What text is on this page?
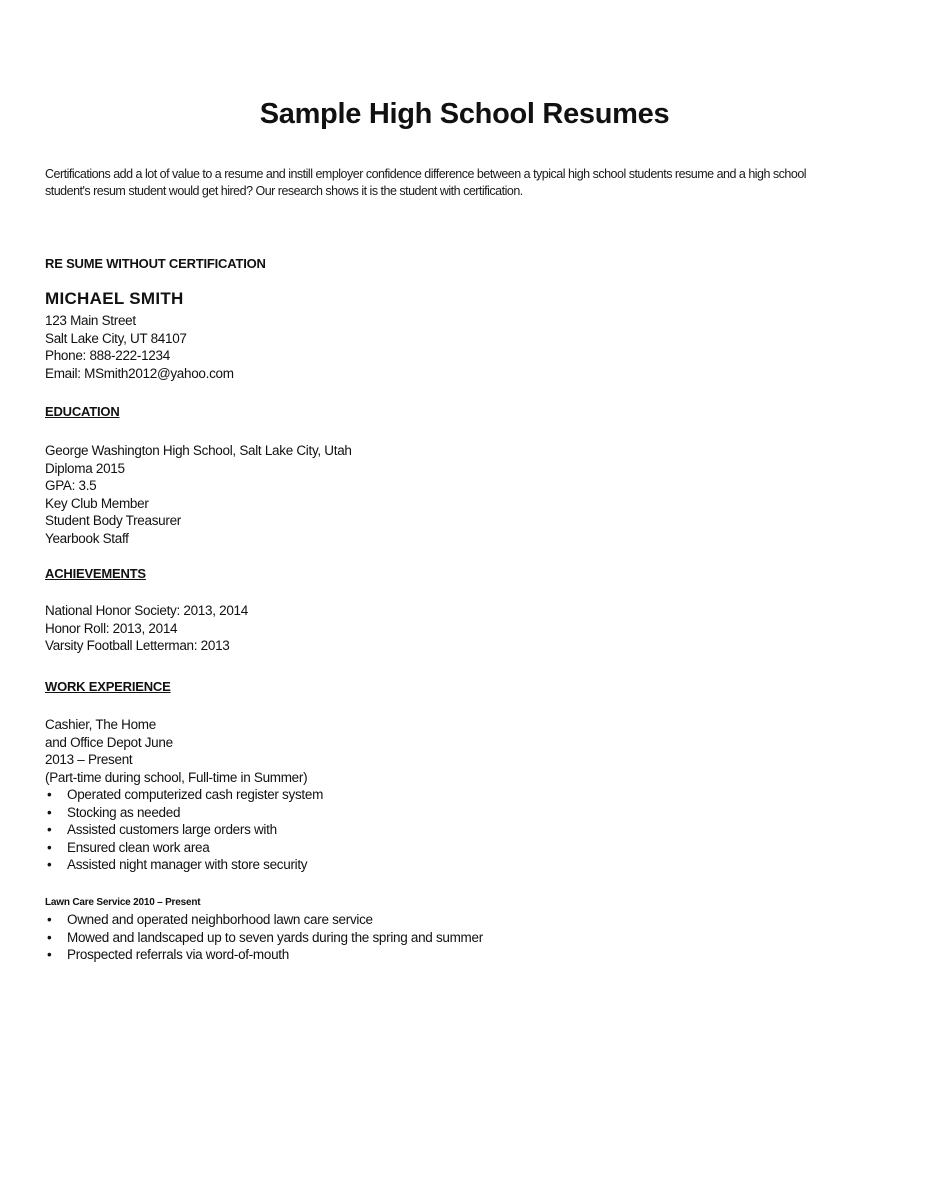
Sample High School Resumes
Certifications add a lot of value to a resume and instill employer confidence difference between a typical high school students resume and a high school student's resum student would get hired? Our research shows it is the student with certification.
RE SUME WITHOUT CERTIFICATION
MICHAEL SMITH
123 Main Street
Salt Lake City, UT 84107
Phone: 888-222-1234
Email: MSmith2012@yahoo.com
EDUCATION
George Washington High School, Salt Lake City, Utah
Diploma 2015
GPA: 3.5
Key Club Member
Student Body Treasurer
Yearbook Staff
ACHIEVEMENTS
National Honor Society: 2013, 2014
Honor Roll: 2013, 2014
Varsity Football Letterman: 2013
WORK EXPERIENCE
Cashier, The Home
and Office Depot June
2013 – Present
(Part-time during school, Full-time in Summer)
• Operated computerized cash register system
• Stocking as needed
• Assisted customers large orders with
• Ensured clean work area
• Assisted night manager with store security
Lawn Care Service 2010 – Present
• Owned and operated neighborhood lawn care service
• Mowed and landscaped up to seven yards during the spring and summer
• Prospected referrals via word-of-mouth
